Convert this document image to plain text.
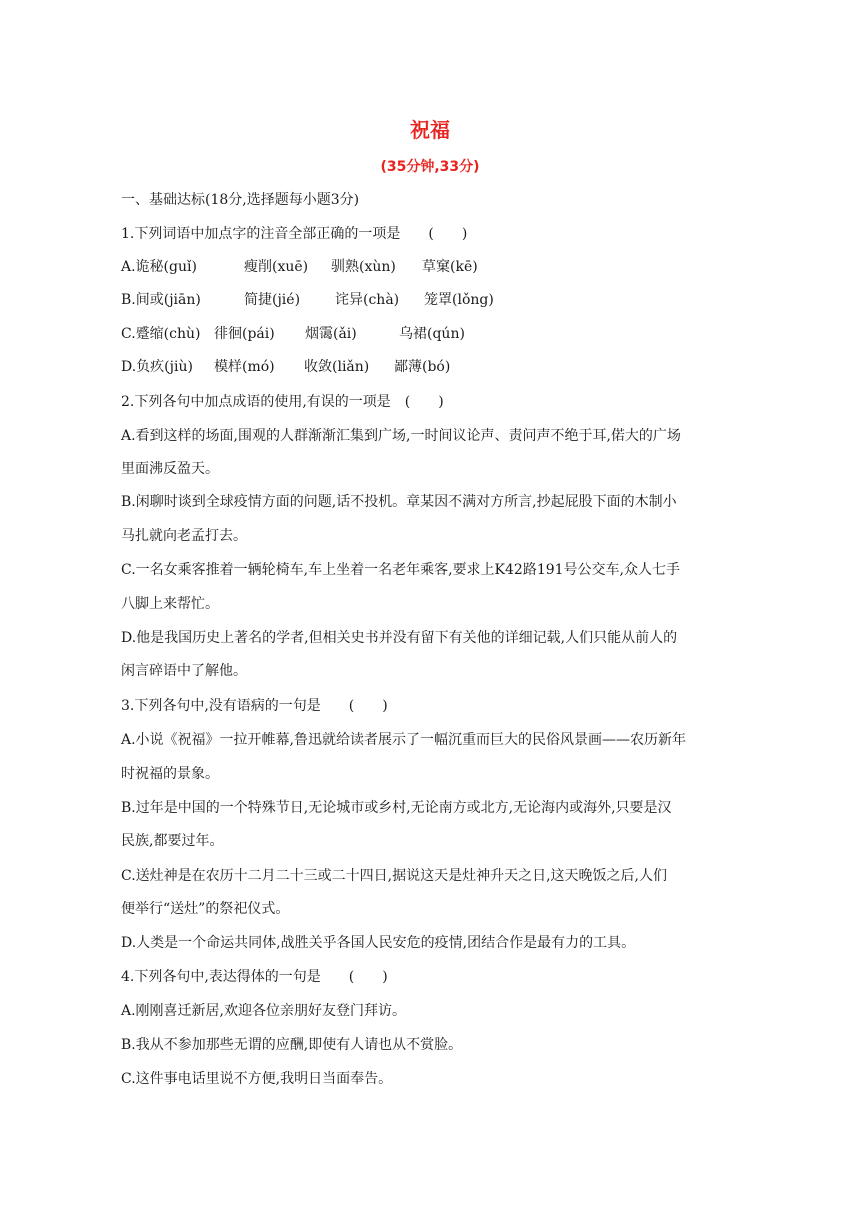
祝福
(35分钟,33分)
一、基础达标(18分,选择题每小题3分)
1.下列词语中加点字的注音全部正确的一项是　　(　　)
A.诡秘(guǐ)	瘦削(xuē) 驯熟(xùn) 草窠(kē)
B.间或(jiān)	简捷(jié) 诧异(chà) 笼罩(lǒng)
C.蹙缩(chù) 徘徊(pái) 烟霭(ǎi)	乌裙(qún)
D.负疚(jiù) 模样(mó) 收敛(liǎn) 鄙薄(bó)
2.下列各句中加点成语的使用,有误的一项是　(　　)
A.看到这样的场面,围观的人群渐渐汇集到广场,一时间议论声、责问声不绝于耳,偌大的广场
里面沸反盈天。
B.闲聊时谈到全球疫情方面的问题,话不投机。章某因不满对方所言,抄起屁股下面的木制小
马扎就向老孟打去。
C.一名女乘客推着一辆轮椅车,车上坐着一名老年乘客,要求上K42路191号公交车,众人七手
八脚上来帮忙。
D.他是我国历史上著名的学者,但相关史书并没有留下有关他的详细记载,人们只能从前人的
闲言碎语中了解他。
3.下列各句中,没有语病的一句是　　(　　)
A.小说《祝福》一拉开帷幕,鲁迅就给读者展示了一幅沉重而巨大的民俗风景画——农历新年
时祝福的景象。
B.过年是中国的一个特殊节日,无论城市或乡村,无论南方或北方,无论海内或海外,只要是汉
民族,都要过年。
C.送灶神是在农历十二月二十三或二十四日,据说这天是灶神升天之日,这天晚饭之后,人们
便举行“送灶”的祭祀仪式。
D.人类是一个命运共同体,战胜关乎各国人民安危的疫情,团结合作是最有力的工具。
4.下列各句中,表达得体的一句是　　(　　)
A.刚刚喜迁新居,欢迎各位亲朋好友登门拜访。
B.我从不参加那些无谓的应酬,即使有人请也从不赏脸。
C.这件事电话里说不方便,我明日当面奉告。
